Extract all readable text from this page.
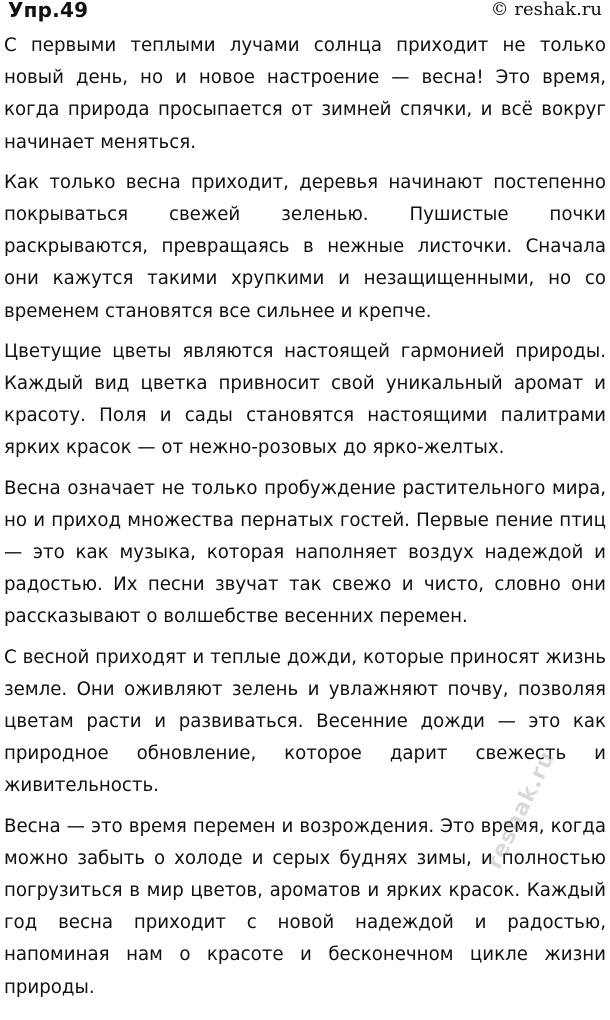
Упр.49	© reshak.ru

С первыми теплыми лучами солнца приходит не только новый день, но и новое настроение — весна! Это время, когда природа просыпается от зимней спячки, и всё вокруг начинает меняться.

Как только весна приходит, деревья начинают постепенно покрываться свежей зеленью. Пушистые почки раскрываются, превращаясь в нежные листочки. Сначала они кажутся такими хрупкими и незащищенными, но со временем становятся все сильнее и крепче.

Цветущие цветы являются настоящей гармонией природы. Каждый вид цветка привносит свой уникальный аромат и красоту. Поля и сады становятся настоящими палитрами ярких красок — от нежно-розовых до ярко-желтых.

Весна означает не только пробуждение растительного мира, но и приход множества пернатых гостей. Первые пение птиц — это как музыка, которая наполняет воздух надеждой и радостью. Их песни звучат так свежо и чисто, словно они рассказывают о волшебстве весенних перемен.

С весной приходят и теплые дожди, которые приносят жизнь земле. Они оживляют зелень и увлажняют почву, позволяя цветам расти и развиваться. Весенние дожди — это как природное обновление, которое дарит свежесть и живительность.

Весна — это время перемен и возрождения. Это время, когда можно забыть о холоде и серых буднях зимы, и полностью погрузиться в мир цветов, ароматов и ярких красок. Каждый год весна приходит с новой надеждой и радостью, напоминая нам о красоте и бесконечном цикле жизни природы.

reshak.ru
